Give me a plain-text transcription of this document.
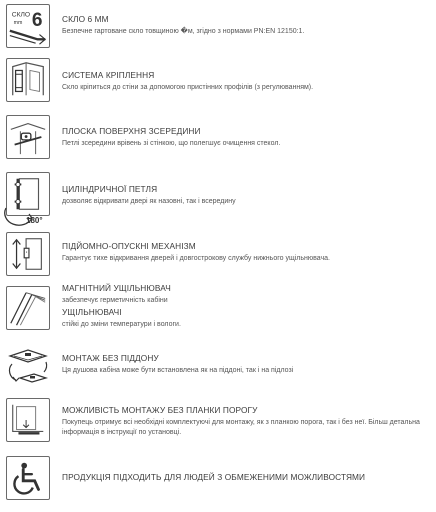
СКЛО
mm 6 СКЛО 6 ММ
Безпечне гартоване скло товщиною �м, згідно з нормами PN:EN 12150:1.
СИСТЕМА КРІПЛЕННЯ
Скло кріпиться до стіни за допомогою пристінних профілів (з регулюванням).
ПЛОСКА ПОВЕРХНЯ ЗСЕРЕДИНИ
Петлі зсередини врівень зі стінкою, що полегшує очищення стекол.
180°
ЦИЛІНДРИЧНОЇ ПЕТЛЯ
дозволяє відкривати двері як назовні, так і всередину
ПІДЙОМНО-ОПУСКНІ МЕХАНІЗМ
Гарантує тихе відкривання дверей і довгострокову службу нижнього ущільнювача.
МАГНІТНИЙ УЩІЛЬНЮВАЧ
забезпечує герметичність кабіни
УЩІЛЬНЮВАЧІ
стійкі до зміни температури і вологи.
МОНТАЖ БЕЗ ПІДДОНУ
Ця душова кабіна може бути встановлена як на піддоні, так і на підлозі
МОЖЛИВІСТЬ МОНТАЖУ БЕЗ ПЛАНКИ ПОРОГУ
Покупець отримує всі необхідні комплектуючі для монтажу, як з планкою порога, так і без неї. Більш детальна інформація в інструкції по установці.
ПРОДУКЦІЯ ПІДХОДИТЬ ДЛЯ ЛЮДЕЙ З ОБМЕЖЕНИМИ МОЖЛИВОСТЯМИ
